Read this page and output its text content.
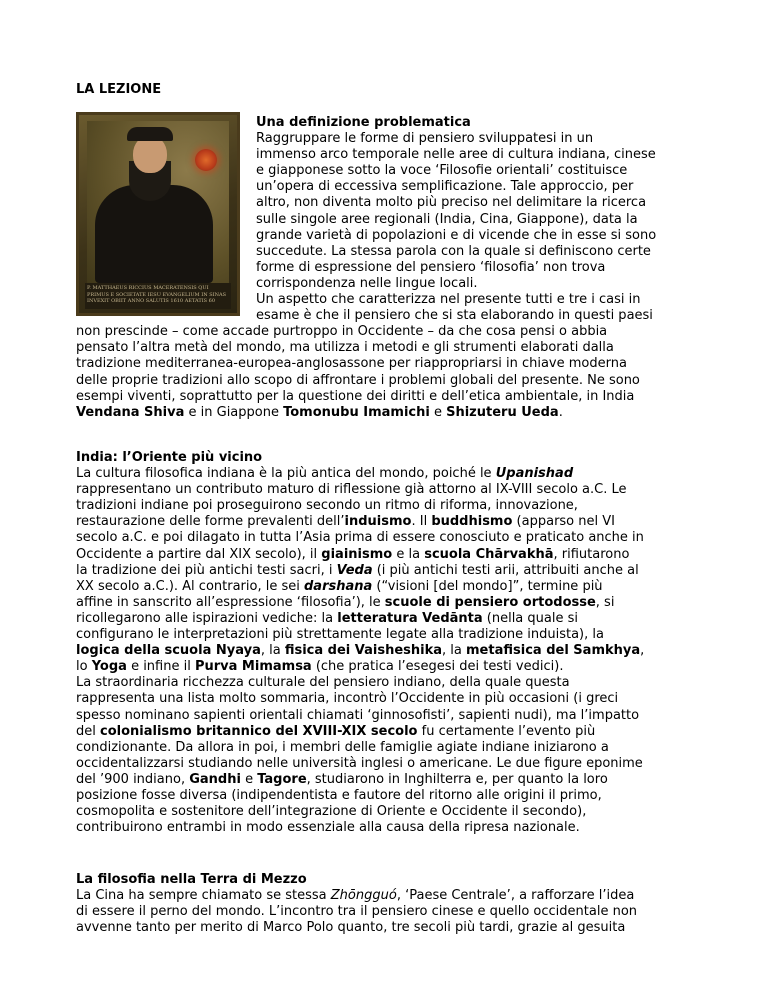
LA LEZIONE
P. MATTHAEUS RICCIUS MACERATENSIS QUI PRIMUS E SOCIETATE IESU EVANGELIUM IN SINAS INVEXIT OBIIT ANNO SALUTIS 1610 AETATIS 60
Una definizione problematica
Raggruppare le forme di pensiero sviluppatesi in un
immenso arco temporale nelle aree di cultura indiana, cinese
e giapponese sotto la voce ‘Filosofie orientali’ costituisce
un’opera di eccessiva semplificazione. Tale approccio, per
altro, non diventa molto più preciso nel delimitare la ricerca
sulle singole aree regionali (India, Cina, Giappone), data la
grande varietà di popolazioni e di vicende che in esse si sono
succedute. La stessa parola con la quale si definiscono certe
forme di espressione del pensiero ‘filosofia’ non trova
corrispondenza nelle lingue locali.
Un aspetto che caratterizza nel presente tutti e tre i casi in
esame è che il pensiero che si sta elaborando in questi paesi
non prescinde – come accade purtroppo in Occidente – da che cosa pensi o abbia
pensato l’altra metà del mondo, ma utilizza i metodi e gli strumenti elaborati dalla
tradizione mediterranea-europea-anglosassone per riappropriarsi in chiave moderna
delle proprie tradizioni allo scopo di affrontare i problemi globali del presente. Ne sono
esempi viventi, soprattutto per la questione dei diritti e dell’etica ambientale, in India
Vendana Shiva e in Giappone Tomonubu Imamichi e Shizuteru Ueda.
India: l’Oriente più vicino
La cultura filosofica indiana è la più antica del mondo, poiché le Upanishad
rappresentano un contributo maturo di riflessione già attorno al IX-VIII secolo a.C. Le
tradizioni indiane poi proseguirono secondo un ritmo di riforma, innovazione,
restaurazione delle forme prevalenti dell’induismo. Il buddhismo (apparso nel VI
secolo a.C. e poi dilagato in tutta l’Asia prima di essere conosciuto e praticato anche in
Occidente a partire dal XIX secolo), il giainismo e la scuola Chārvakhā, rifiutarono
la tradizione dei più antichi testi sacri, i Veda (i più antichi testi arii, attribuiti anche al
XX secolo a.C.). Al contrario, le sei darshana (“visioni [del mondo]”, termine più
affine in sanscrito all’espressione ‘filosofia’), le scuole di pensiero ortodosse, si
ricollegarono alle ispirazioni vediche: la letteratura Vedānta (nella quale si
configurano le interpretazioni più strettamente legate alla tradizione induista), la
logica della scuola Nyaya, la fisica dei Vaisheshika, la metafisica del Samkhya,
lo Yoga e infine il Purva Mimamsa (che pratica l’esegesi dei testi vedici).
La straordinaria ricchezza culturale del pensiero indiano, della quale questa
rappresenta una lista molto sommaria, incontrò l’Occidente in più occasioni (i greci
spesso nominano sapienti orientali chiamati ‘ginnosofisti’, sapienti nudi), ma l’impatto
del colonialismo britannico del XVIII-XIX secolo fu certamente l’evento più
condizionante. Da allora in poi, i membri delle famiglie agiate indiane iniziarono a
occidentalizzarsi studiando nelle università inglesi o americane. Le due figure eponime
del ’900 indiano, Gandhi e Tagore, studiarono in Inghilterra e, per quanto la loro
posizione fosse diversa (indipendentista e fautore del ritorno alle origini il primo,
cosmopolita e sostenitore dell’integrazione di Oriente e Occidente il secondo),
contribuirono entrambi in modo essenziale alla causa della ripresa nazionale.
La filosofia nella Terra di Mezzo
La Cina ha sempre chiamato se stessa Zhōngguó, ‘Paese Centrale’, a rafforzare l’idea
di essere il perno del mondo. L’incontro tra il pensiero cinese e quello occidentale non
avvenne tanto per merito di Marco Polo quanto, tre secoli più tardi, grazie al gesuita
